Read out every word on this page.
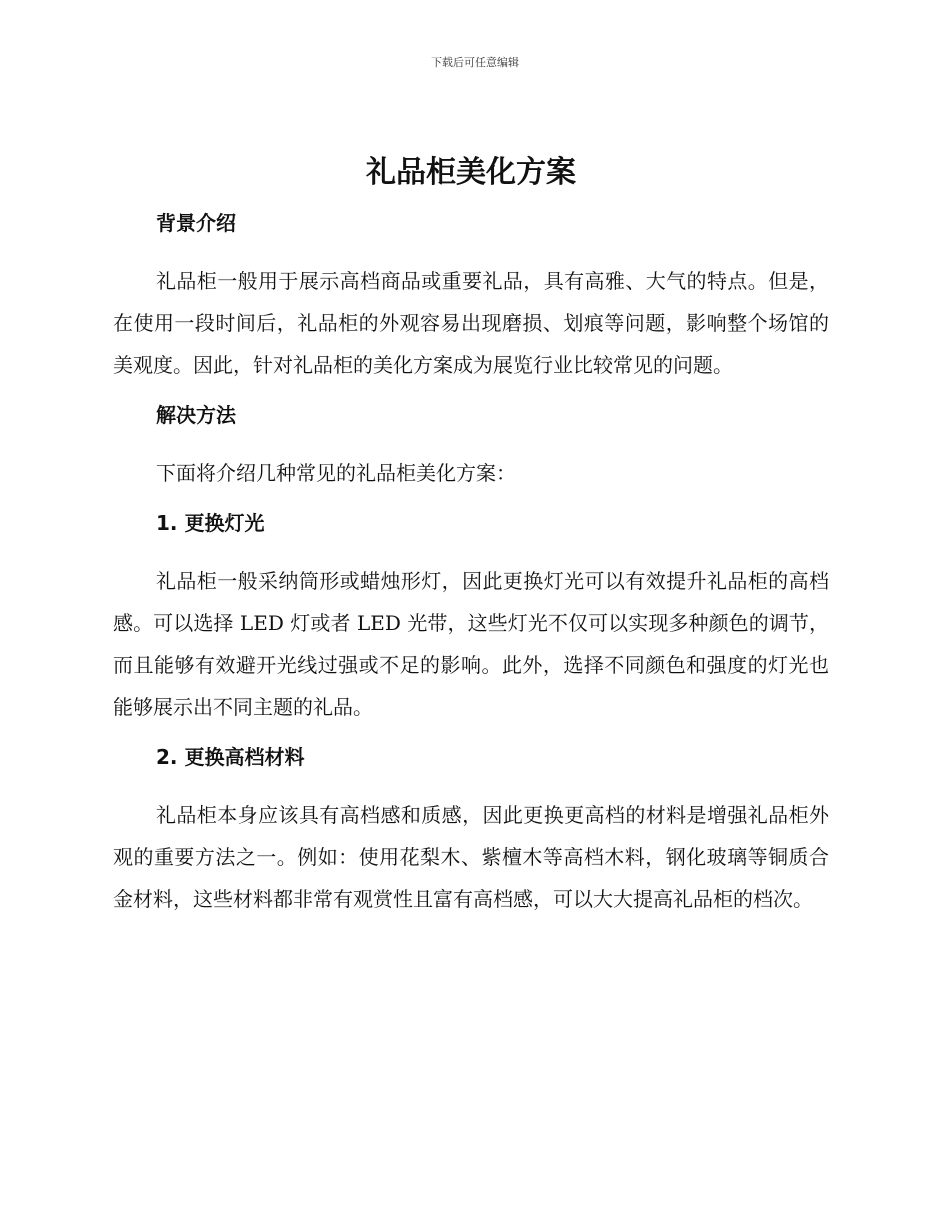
下载后可任意编辑
礼品柜美化方案
背景介绍

礼品柜一般用于展示高档商品或重要礼品，具有高雅、大气的特点。但是，在使用一段时间后，礼品柜的外观容易出现磨损、划痕等问题，影响整个场馆的美观度。因此，针对礼品柜的美化方案成为展览行业比较常见的问题。

解决方法

下面将介绍几种常见的礼品柜美化方案：

1. 更换灯光

礼品柜一般采纳筒形或蜡烛形灯，因此更换灯光可以有效提升礼品柜的高档感。可以选择 LED 灯或者 LED 光带，这些灯光不仅可以实现多种颜色的调节，而且能够有效避开光线过强或不足的影响。此外，选择不同颜色和强度的灯光也能够展示出不同主题的礼品。

2. 更换高档材料

礼品柜本身应该具有高档感和质感，因此更换更高档的材料是增强礼品柜外观的重要方法之一。例如：使用花梨木、紫檀木等高档木料，钢化玻璃等铜质合金材料，这些材料都非常有观赏性且富有高档感，可以大大提高礼品柜的档次。
